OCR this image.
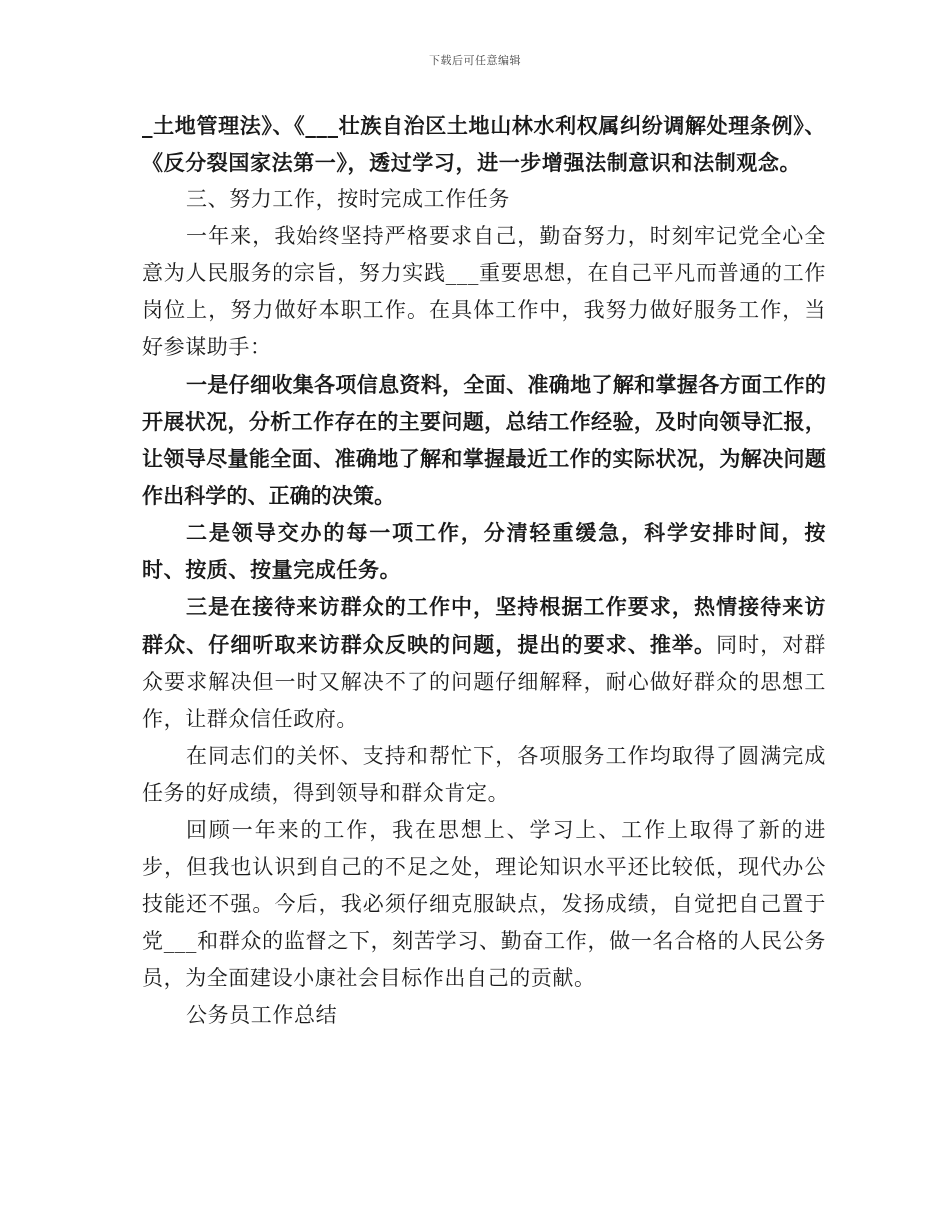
下载后可任意编辑

_土地管理法》、《___壮族自治区土地山林水利权属纠纷调解处理条例》、《反分裂国家法第一》，透过学习，进一步增强法制意识和法制观念。

三、努力工作，按时完成工作任务

一年来，我始终坚持严格要求自己，勤奋努力，时刻牢记党全心全意为人民服务的宗旨，努力实践___重要思想，在自己平凡而普通的工作岗位上，努力做好本职工作。在具体工作中，我努力做好服务工作，当好参谋助手：

一是仔细收集各项信息资料，全面、准确地了解和掌握各方面工作的开展状况，分析工作存在的主要问题，总结工作经验，及时向领导汇报，让领导尽量能全面、准确地了解和掌握最近工作的实际状况，为解决问题作出科学的、正确的决策。

二是领导交办的每一项工作，分清轻重缓急，科学安排时间，按时、按质、按量完成任务。

三是在接待来访群众的工作中，坚持根据工作要求，热情接待来访群众、仔细听取来访群众反映的问题，提出的要求、推举。同时，对群众要求解决但一时又解决不了的问题仔细解释，耐心做好群众的思想工作，让群众信任政府。

在同志们的关怀、支持和帮忙下，各项服务工作均取得了圆满完成任务的好成绩，得到领导和群众肯定。

回顾一年来的工作，我在思想上、学习上、工作上取得了新的进步，但我也认识到自己的不足之处，理论知识水平还比较低，现代办公技能还不强。今后，我必须仔细克服缺点，发扬成绩，自觉把自己置于党___和群众的监督之下，刻苦学习、勤奋工作，做一名合格的人民公务员，为全面建设小康社会目标作出自己的贡献。

公务员工作总结
